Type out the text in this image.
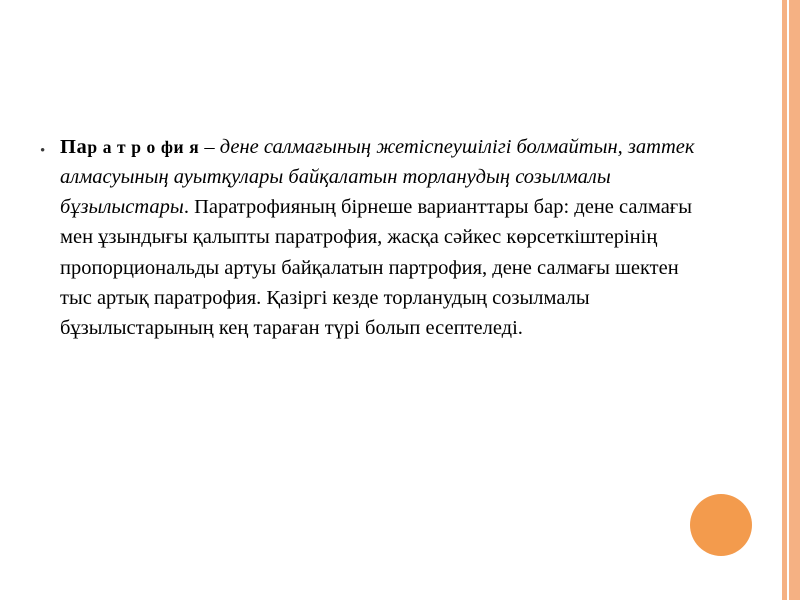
• Пар а т р о фи я – дене салмағының жетіспеушілігі болмайтын, заттек алмасуының ауытқулары байқалатын торланудың созылмалы бұзылыстары. Паратрофияның бірнеше варианттары бар: дене салмағы мен ұзындығы қалыпты паратрофия, жасқа сәйкес көрсеткіштерінің пропорциональды артуы байқалатын партрофия, дене салмағы шектен тыс артық паратрофия. Қазіргі кезде торланудың созылмалы бұзылыстарының кең тараған түрі болып есептеледі.
